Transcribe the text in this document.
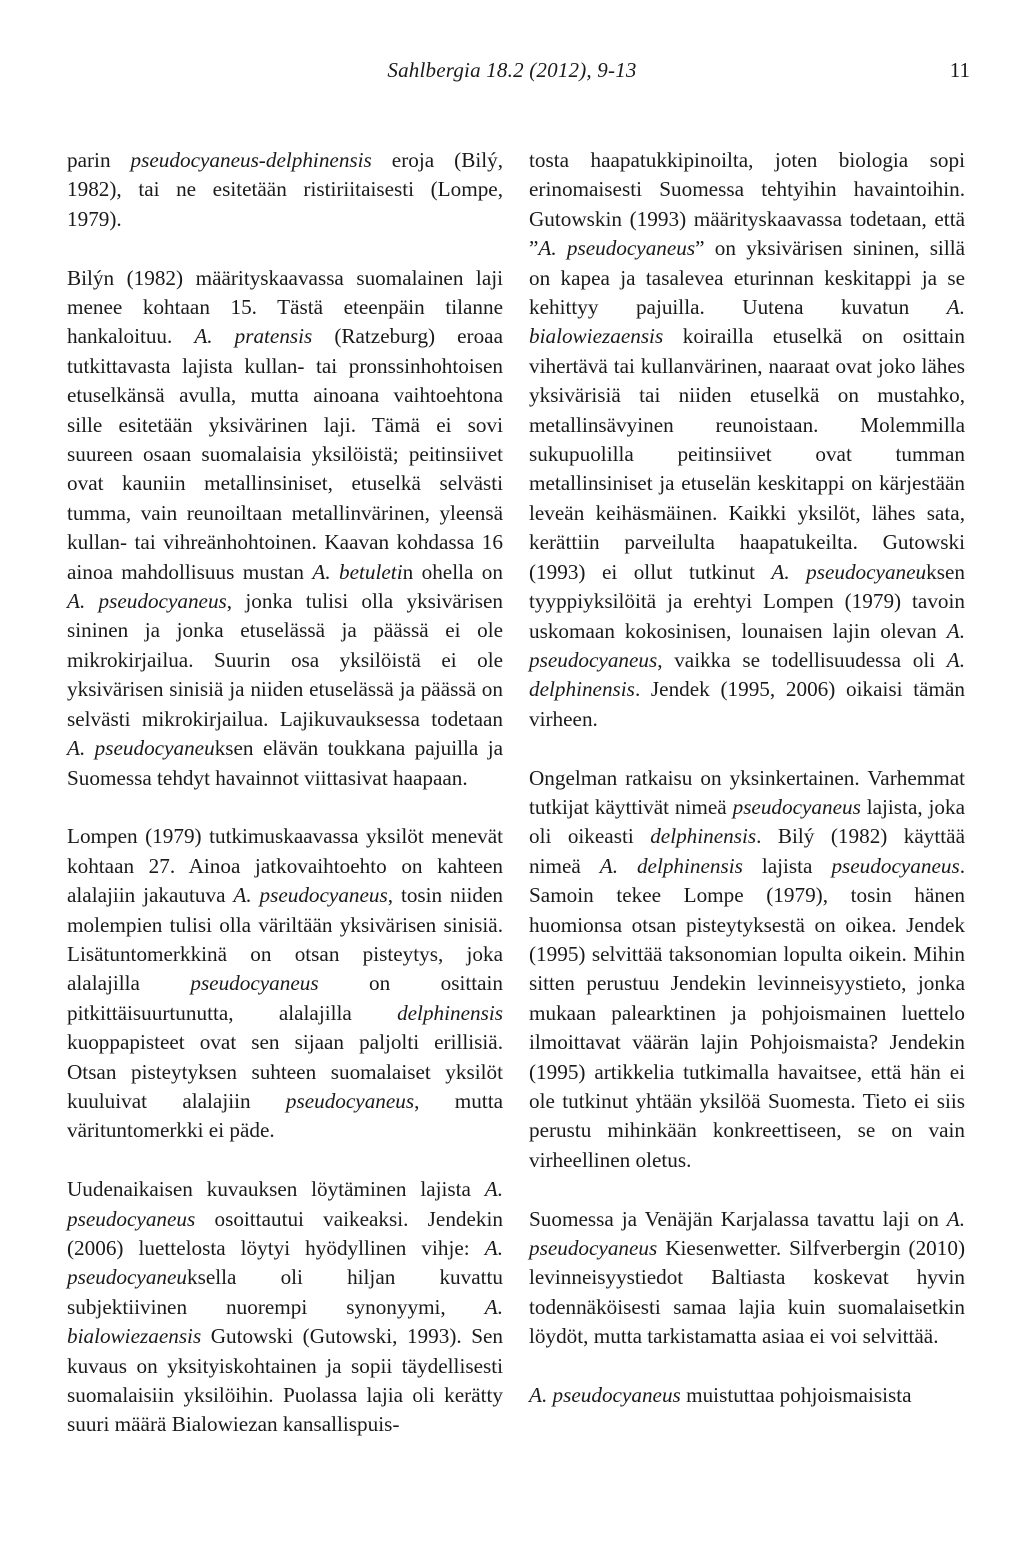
Sahlbergia 18.2 (2012), 9-13	11

parin pseudocyaneus-delphinensis eroja (Bilý, 1982), tai ne esitetään ristiriitaisesti (Lompe, 1979).

Bilýn (1982) määrityskaavassa suomalainen laji menee kohtaan 15. Tästä eteenpäin tilanne hankaloituu. A. pratensis (Ratzeburg) eroaa tutkittavasta lajista kullan- tai pronssinhohtoisen etuselkänsä avulla, mutta ainoana vaihtoehtona sille esitetään yksivärinen laji. Tämä ei sovi suureen osaan suomalaisia yksilöistä; peitinsiivet ovat kauniin metallinsiniset, etuselkä selvästi tumma, vain reunoiltaan metallinvärinen, yleensä kullan- tai vihreänhohtoinen. Kaavan kohdassa 16 ainoa mahdollisuus mustan A. betuletin ohella on A. pseudocyaneus, jonka tulisi olla yksivärisen sininen ja jonka etuselässä ja päässä ei ole mikrokirjailua. Suurin osa yksilöistä ei ole yksivärisen sinisiä ja niiden etuselässä ja päässä on selvästi mikrokirjailua. Lajikuvauksessa todetaan A. pseudocyaneuksen elävän toukkana pajuilla ja Suomessa tehdyt havainnot viittasivat haapaan.

Lompen (1979) tutkimuskaavassa yksilöt menevät kohtaan 27. Ainoa jatkovaihtoehto on kahteen alalajiin jakautuva A. pseudocyaneus, tosin niiden molempien tulisi olla väriltään yksivärisen sinisiä. Lisätuntomerkkinä on otsan pisteytys, joka alalajilla pseudocyaneus on osittain pitkittäisuurtunutta, alalajilla delphinensis kuoppapisteet ovat sen sijaan paljolti erillisiä. Otsan pisteytyksen suhteen suomalaiset yksilöt kuuluivat alalajiin pseudocyaneus, mutta värituntomerkki ei päde.

Uudenaikaisen kuvauksen löytäminen lajista A. pseudocyaneus osoittautui vaikeaksi. Jendekin (2006) luettelosta löytyi hyödyllinen vihje: A. pseudocyaneuksella oli hiljan kuvattu subjektiivinen nuorempi synonyymi, A. bialowiezaensis Gutowski (Gutowski, 1993). Sen kuvaus on yksityiskohtainen ja sopii täydellisesti suomalaisiin yksilöihin. Puolassa lajia oli kerätty suuri määrä Bialowiezan kansallispuis-

tosta haapatukkipinoilta, joten biologia sopi erinomaisesti Suomessa tehtyihin havaintoihin. Gutowskin (1993) määrityskaavassa todetaan, että ”A. pseudocyaneus” on yksivärisen sininen, sillä on kapea ja tasalevea eturinnan keskitappi ja se kehittyy pajuilla. Uutena kuvatun A. bialowiezaensis koirailla etuselkä on osittain vihertävä tai kullanvärinen, naaraat ovat joko lähes yksivärisiä tai niiden etuselkä on mustahko, metallinsävyinen reunoistaan. Molemmilla sukupuolilla peitinsiivet ovat tumman metallinsiniset ja etuselän keskitappi on kärjestään leveän keihäsmäinen. Kaikki yksilöt, lähes sata, kerättiin parveilulta haapatukeilta. Gutowski (1993) ei ollut tutkinut A. pseudocyaneuksen tyyppiyksilöitä ja erehtyi Lompen (1979) tavoin uskomaan kokosinisen, lounaisen lajin olevan A. pseudocyaneus, vaikka se todellisuudessa oli A. delphinensis. Jendek (1995, 2006) oikaisi tämän virheen.

Ongelman ratkaisu on yksinkertainen. Varhemmat tutkijat käyttivät nimeä pseudocyaneus lajista, joka oli oikeasti delphinensis. Bilý (1982) käyttää nimeä A. delphinensis lajista pseudocyaneus. Samoin tekee Lompe (1979), tosin hänen huomionsa otsan pisteytyksestä on oikea. Jendek (1995) selvittää taksonomian lopulta oikein. Mihin sitten perustuu Jendekin levinneisyystieto, jonka mukaan palearktinen ja pohjoismainen luettelo ilmoittavat väärän lajin Pohjoismaista? Jendekin (1995) artikkelia tutkimalla havaitsee, että hän ei ole tutkinut yhtään yksilöä Suomesta. Tieto ei siis perustu mihinkään konkreettiseen, se on vain virheellinen oletus.

Suomessa ja Venäjän Karjalassa tavattu laji on A. pseudocyaneus Kiesenwetter. Silfverbergin (2010) levinneisyystiedot Baltiasta koskevat hyvin todennäköisesti samaa lajia kuin suomalaisetkin löydöt, mutta tarkistamatta asiaa ei voi selvittää.

A. pseudocyaneus muistuttaa pohjoismaisista
